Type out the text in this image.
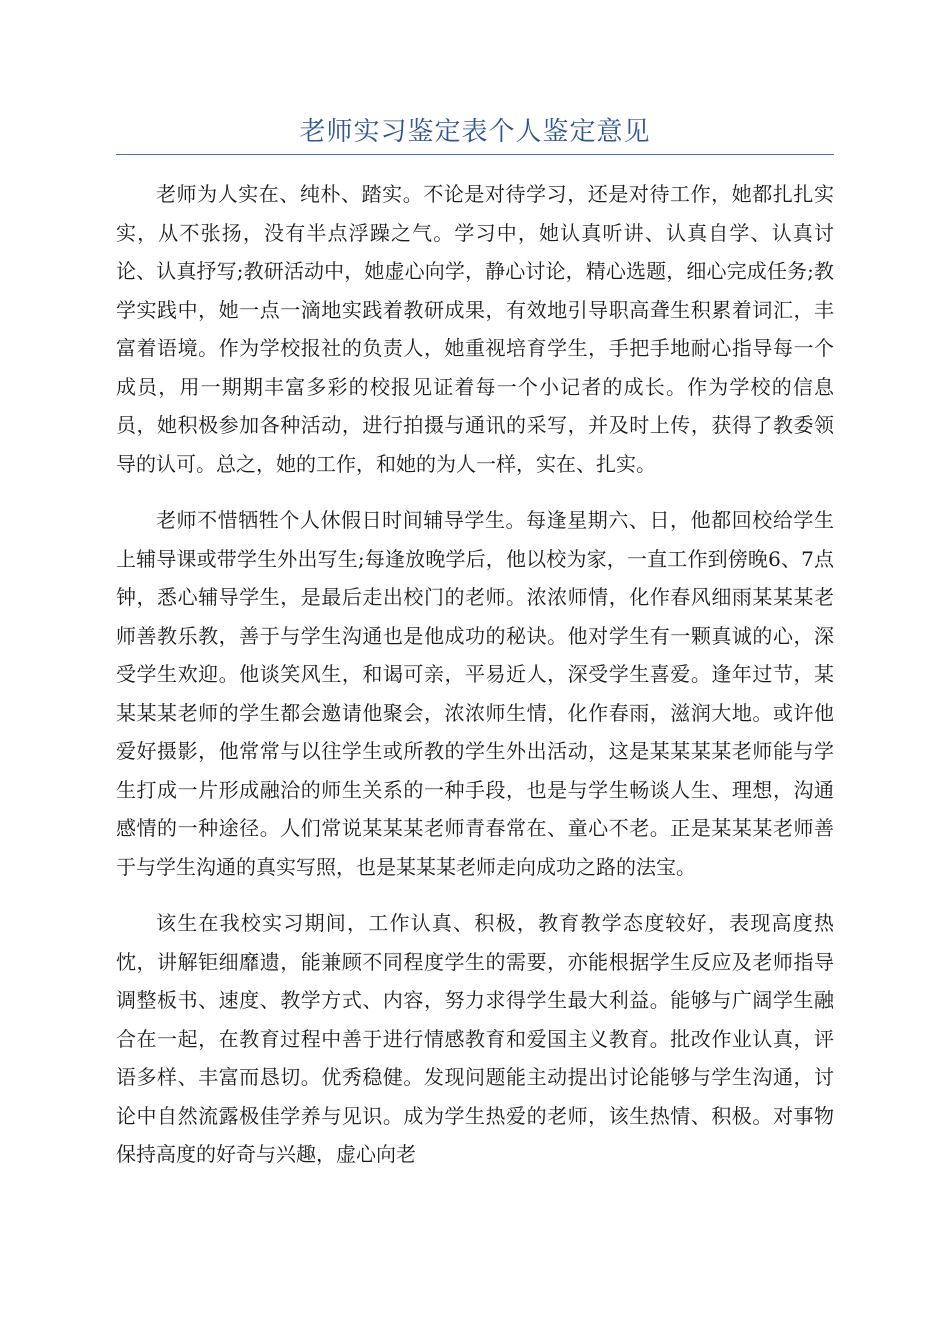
老师实习鉴定表个人鉴定意见

老师为人实在、纯朴、踏实。不论是对待学习，还是对待工作，她都扎扎实实，从不张扬，没有半点浮躁之气。学习中，她认真听讲、认真自学、认真讨论、认真抒写;教研活动中，她虚心向学，静心讨论，精心选题，细心完成任务;教学实践中，她一点一滴地实践着教研成果，有效地引导职高聋生积累着词汇，丰富着语境。作为学校报社的负责人，她重视培育学生，手把手地耐心指导每一个成员，用一期期丰富多彩的校报见证着每一个小记者的成长。作为学校的信息员，她积极参加各种活动，进行拍摄与通讯的采写，并及时上传，获得了教委领导的认可。总之，她的工作，和她的为人一样，实在、扎实。

老师不惜牺牲个人休假日时间辅导学生。每逢星期六、日，他都回校给学生上辅导课或带学生外出写生;每逢放晚学后，他以校为家，一直工作到傍晚6、7点钟，悉心辅导学生，是最后走出校门的老师。浓浓师情，化作春风细雨某某某老师善教乐教，善于与学生沟通也是他成功的秘诀。他对学生有一颗真诚的心，深受学生欢迎。他谈笑风生，和谒可亲，平易近人，深受学生喜爱。逢年过节，某某某某老师的学生都会邀请他聚会，浓浓师生情，化作春雨，滋润大地。或许他爱好摄影，他常常与以往学生或所教的学生外出活动，这是某某某某老师能与学生打成一片形成融洽的师生关系的一种手段，也是与学生畅谈人生、理想，沟通感情的一种途径。人们常说某某某老师青春常在、童心不老。正是某某某老师善于与学生沟通的真实写照，也是某某某老师走向成功之路的法宝。

该生在我校实习期间，工作认真、积极，教育教学态度较好，表现高度热忱，讲解钜细靡遗，能兼顾不同程度学生的需要，亦能根据学生反应及老师指导调整板书、速度、教学方式、内容，努力求得学生最大利益。能够与广阔学生融合在一起，在教育过程中善于进行情感教育和爱国主义教育。批改作业认真，评语多样、丰富而恳切。优秀稳健。发现问题能主动提出讨论能够与学生沟通，讨论中自然流露极佳学养与见识。成为学生热爱的老师，该生热情、积极。对事物保持高度的好奇与兴趣，虚心向老
